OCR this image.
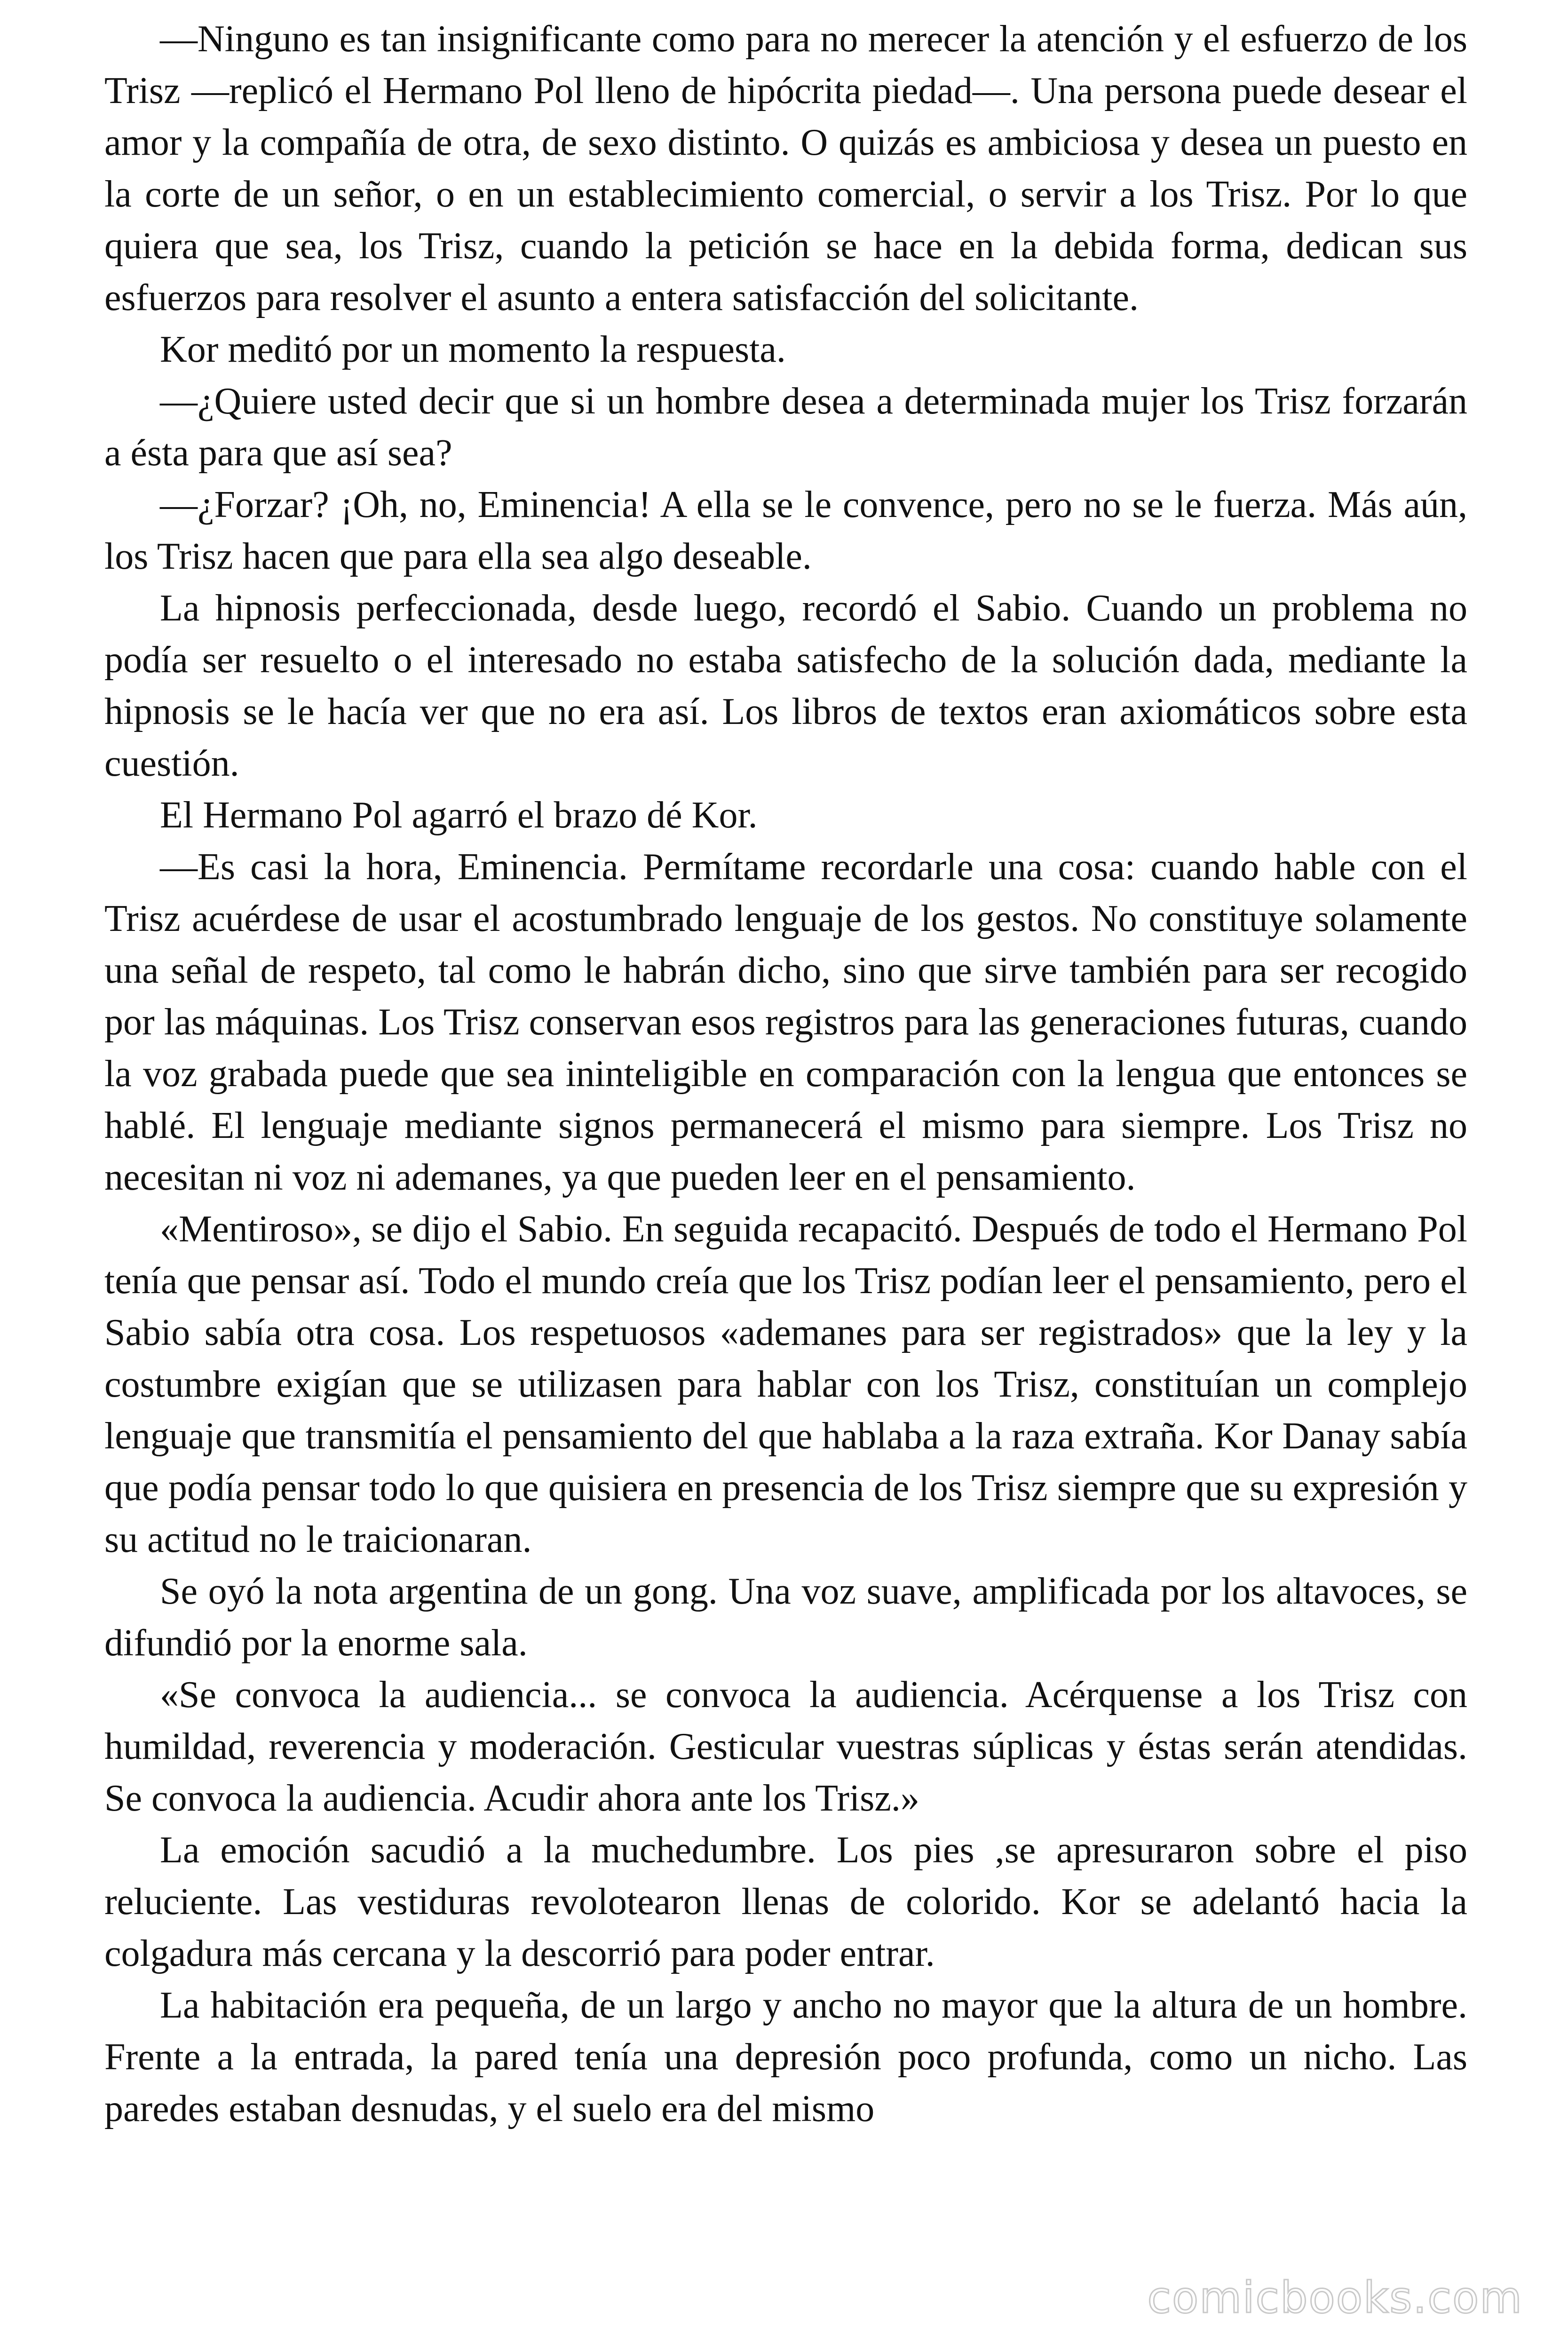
—Ninguno es tan insignificante como para no merecer la atención y el esfuerzo de los Trisz —replicó el Hermano Pol lleno de hipócrita piedad—. Una persona puede desear el amor y la compañía de otra, de sexo distinto. O quizás es ambiciosa y desea un puesto en la corte de un señor, o en un establecimiento comercial, o servir a los Trisz. Por lo que quiera que sea, los Trisz, cuando la petición se hace en la debida forma, dedican sus esfuerzos para resolver el asunto a entera satisfacción del solicitante.

Kor meditó por un momento la respuesta.

—¿Quiere usted decir que si un hombre desea a determinada mujer los Trisz forzarán a ésta para que así sea?

—¿Forzar? ¡Oh, no, Eminencia! A ella se le convence, pero no se le fuerza. Más aún, los Trisz hacen que para ella sea algo deseable.

La hipnosis perfeccionada, desde luego, recordó el Sabio. Cuando un problema no podía ser resuelto o el interesado no estaba satisfecho de la solución dada, mediante la hipnosis se le hacía ver que no era así. Los libros de textos eran axiomáticos sobre esta cuestión.

El Hermano Pol agarró el brazo dé Kor.

—Es casi la hora, Eminencia. Permítame recordarle una cosa: cuando hable con el Trisz acuérdese de usar el acostumbrado lenguaje de los gestos. No constituye solamente una señal de respeto, tal como le habrán dicho, sino que sirve también para ser recogido por las máquinas. Los Trisz conservan esos registros para las generaciones futuras, cuando la voz grabada puede que sea ininteligible en comparación con la lengua que entonces se hablé. El lenguaje mediante signos permanecerá el mismo para siempre. Los Trisz no necesitan ni voz ni ademanes, ya que pueden leer en el pensamiento.

«Mentiroso», se dijo el Sabio. En seguida recapacitó. Después de todo el Hermano Pol tenía que pensar así. Todo el mundo creía que los Trisz podían leer el pensamiento, pero el Sabio sabía otra cosa. Los respetuosos «ademanes para ser registrados» que la ley y la costumbre exigían que se utilizasen para hablar con los Trisz, constituían un complejo lenguaje que transmitía el pensamiento del que hablaba a la raza extraña. Kor Danay sabía que podía pensar todo lo que quisiera en presencia de los Trisz siempre que su expresión y su actitud no le traicionaran.

Se oyó la nota argentina de un gong. Una voz suave, amplificada por los altavoces, se difundió por la enorme sala.

«Se convoca la audiencia... se convoca la audiencia. Acérquense a los Trisz con humildad, reverencia y moderación. Gesticular vuestras súplicas y éstas serán atendidas. Se convoca la audiencia. Acudir ahora ante los Trisz.»

La emoción sacudió a la muchedumbre. Los pies ,se apresuraron sobre el piso reluciente. Las vestiduras revolotearon llenas de colorido. Kor se adelantó hacia la colgadura más cercana y la descorrió para poder entrar.

La habitación era pequeña, de un largo y ancho no mayor que la altura de un hombre. Frente a la entrada, la pared tenía una depresión poco profunda, como un nicho. Las paredes estaban desnudas, y el suelo era del mismo

comicbooks.com
